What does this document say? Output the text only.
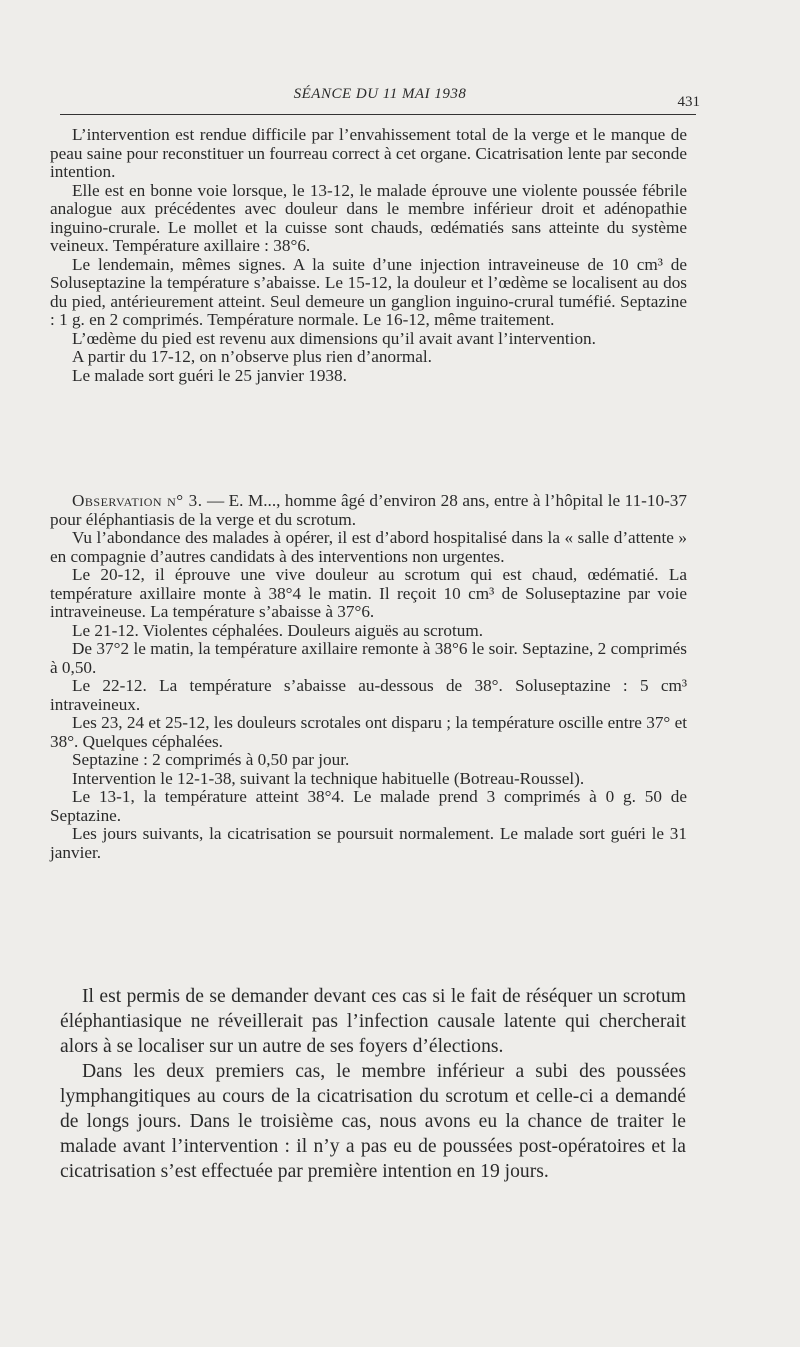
SÉANCE DU 11 MAI 1938	431

L’intervention est rendue difficile par l’envahissement total de la verge et le manque de peau saine pour reconstituer un fourreau correct à cet organe. Cicatrisation lente par seconde intention.

Elle est en bonne voie lorsque, le 13-12, le malade éprouve une violente poussée fébrile analogue aux précédentes avec douleur dans le membre inférieur droit et adénopathie inguino-crurale. Le mollet et la cuisse sont chauds, œdématiés sans atteinte du système veineux. Température axillaire : 38°6.

Le lendemain, mêmes signes. A la suite d’une injection intraveineuse de 10 cm³ de Soluseptazine la température s’abaisse. Le 15-12, la douleur et l’œdème se localisent au dos du pied, antérieurement atteint. Seul demeure un ganglion inguino-crural tuméfié. Septazine : 1 g. en 2 comprimés. Température normale. Le 16-12, même traitement.

L’œdème du pied est revenu aux dimensions qu’il avait avant l’intervention.

A partir du 17-12, on n’observe plus rien d’anormal.

Le malade sort guéri le 25 janvier 1938.

Observation n° 3. — E. M..., homme âgé d’environ 28 ans, entre à l’hôpital le 11-10-37 pour éléphantiasis de la verge et du scrotum.

Vu l’abondance des malades à opérer, il est d’abord hospitalisé dans la « salle d’attente » en compagnie d’autres candidats à des interventions non urgentes.

Le 20-12, il éprouve une vive douleur au scrotum qui est chaud, œdématié. La température axillaire monte à 38°4 le matin. Il reçoit 10 cm³ de Soluseptazine par voie intraveineuse. La température s’abaisse à 37°6.

Le 21-12. Violentes céphalées. Douleurs aiguës au scrotum.

De 37°2 le matin, la température axillaire remonte à 38°6 le soir. Septazine, 2 comprimés à 0,50.

Le 22-12. La température s’abaisse au-dessous de 38°. Soluseptazine : 5 cm³ intraveineux.

Les 23, 24 et 25-12, les douleurs scrotales ont disparu ; la température oscille entre 37° et 38°. Quelques céphalées.

Septazine : 2 comprimés à 0,50 par jour.

Intervention le 12-1-38, suivant la technique habituelle (Botreau-Roussel).

Le 13-1, la température atteint 38°4. Le malade prend 3 comprimés à 0 g. 50 de Septazine.

Les jours suivants, la cicatrisation se poursuit normalement. Le malade sort guéri le 31 janvier.

Il est permis de se demander devant ces cas si le fait de réséquer un scrotum éléphantiasique ne réveillerait pas l’infection causale latente qui chercherait alors à se localiser sur un autre de ses foyers d’élections.

Dans les deux premiers cas, le membre inférieur a subi des poussées lymphangitiques au cours de la cicatrisation du scrotum et celle-ci a demandé de longs jours. Dans le troisième cas, nous avons eu la chance de traiter le malade avant l’intervention : il n’y a pas eu de poussées post-opératoires et la cicatrisation s’est effectuée par première intention en 19 jours.
